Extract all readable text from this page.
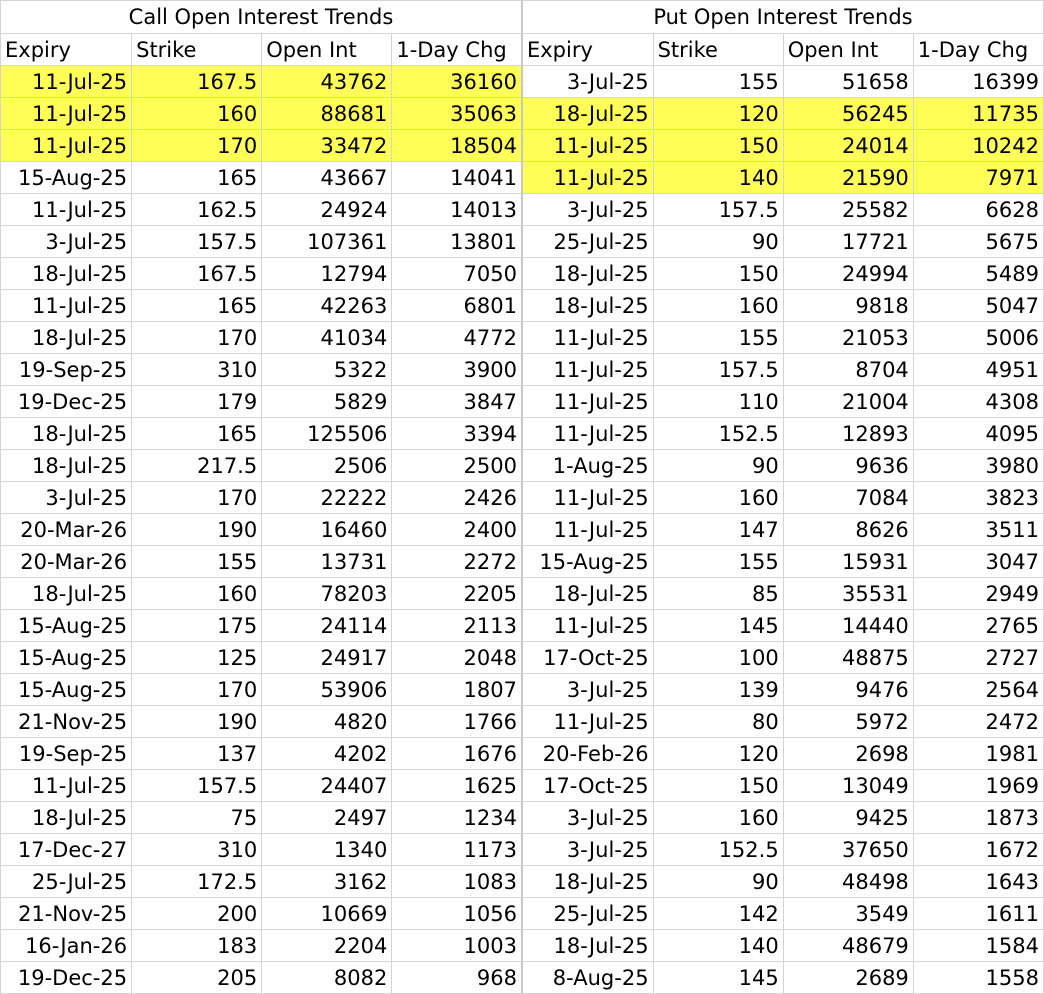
Call Open Interest Trends				Put Open Interest Trends			
Expiry	Strike	Open Int	1-Day Chg	Expiry	Strike	Open Int	1-Day Chg
11-Jul-25	167.5	43762	36160	3-Jul-25	155	51658	16399
11-Jul-25	160	88681	35063	18-Jul-25	120	56245	11735
11-Jul-25	170	33472	18504	11-Jul-25	150	24014	10242
15-Aug-25	165	43667	14041	11-Jul-25	140	21590	7971
11-Jul-25	162.5	24924	14013	3-Jul-25	157.5	25582	6628
3-Jul-25	157.5	107361	13801	25-Jul-25	90	17721	5675
18-Jul-25	167.5	12794	7050	18-Jul-25	150	24994	5489
11-Jul-25	165	42263	6801	18-Jul-25	160	9818	5047
18-Jul-25	170	41034	4772	11-Jul-25	155	21053	5006
19-Sep-25	310	5322	3900	11-Jul-25	157.5	8704	4951
19-Dec-25	179	5829	3847	11-Jul-25	110	21004	4308
18-Jul-25	165	125506	3394	11-Jul-25	152.5	12893	4095
18-Jul-25	217.5	2506	2500	1-Aug-25	90	9636	3980
3-Jul-25	170	22222	2426	11-Jul-25	160	7084	3823
20-Mar-26	190	16460	2400	11-Jul-25	147	8626	3511
20-Mar-26	155	13731	2272	15-Aug-25	155	15931	3047
18-Jul-25	160	78203	2205	18-Jul-25	85	35531	2949
15-Aug-25	175	24114	2113	11-Jul-25	145	14440	2765
15-Aug-25	125	24917	2048	17-Oct-25	100	48875	2727
15-Aug-25	170	53906	1807	3-Jul-25	139	9476	2564
21-Nov-25	190	4820	1766	11-Jul-25	80	5972	2472
19-Sep-25	137	4202	1676	20-Feb-26	120	2698	1981
11-Jul-25	157.5	24407	1625	17-Oct-25	150	13049	1969
18-Jul-25	75	2497	1234	3-Jul-25	160	9425	1873
17-Dec-27	310	1340	1173	3-Jul-25	152.5	37650	1672
25-Jul-25	172.5	3162	1083	18-Jul-25	90	48498	1643
21-Nov-25	200	10669	1056	25-Jul-25	142	3549	1611
16-Jan-26	183	2204	1003	18-Jul-25	140	48679	1584
19-Dec-25	205	8082	968	8-Aug-25	145	2689	1558
